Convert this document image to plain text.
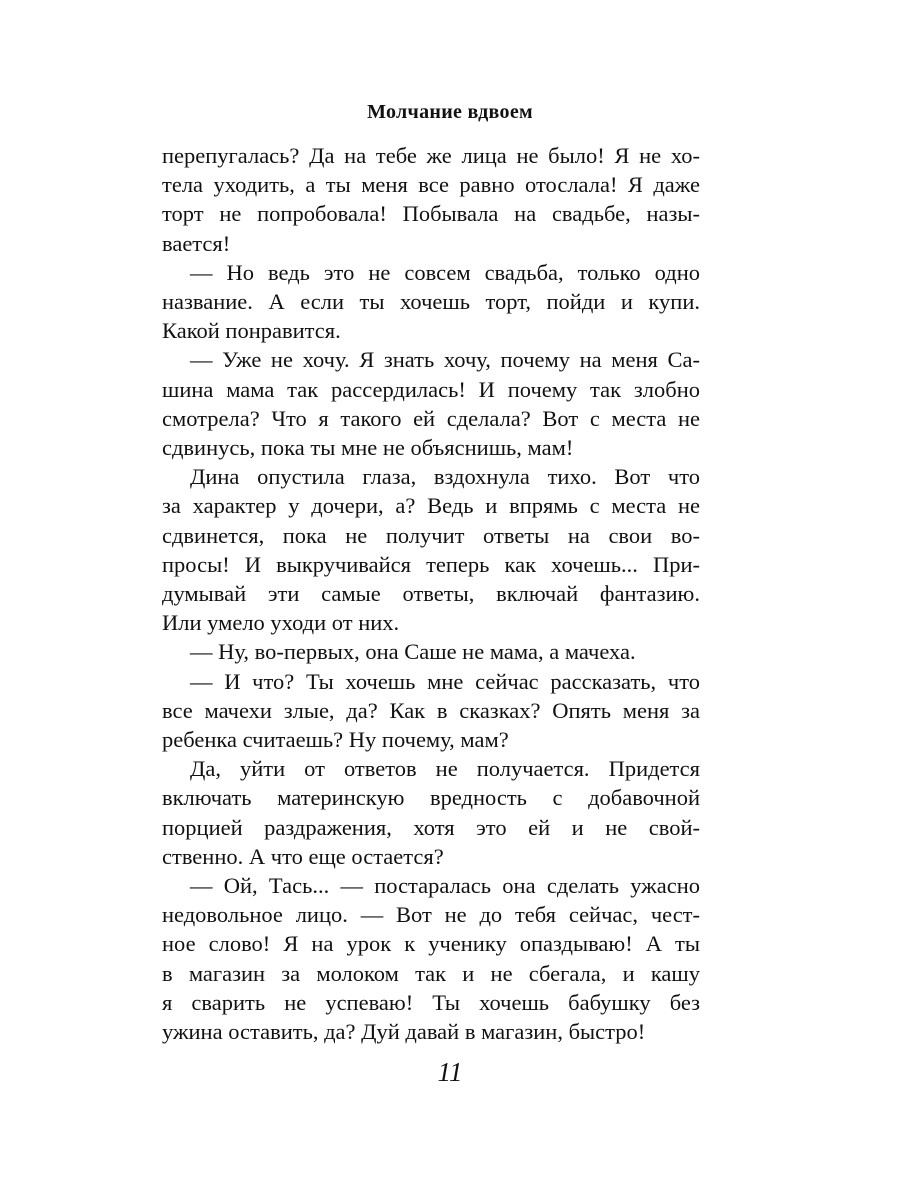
Молчание вдвоем

перепугалась? Да на тебе же лица не было! Я не хо-

тела уходить, а ты меня все равно отослала! Я даже

торт не попробовала! Побывала на свадьбе, назы-

вается!

— Но ведь это не совсем свадьба, только одно

название. А если ты хочешь торт, пойди и купи.

Какой понравится.

— Уже не хочу. Я знать хочу, почему на меня Са-

шина мама так рассердилась! И почему так злобно

смотрела? Что я такого ей сделала? Вот с места не

сдвинусь, пока ты мне не объяснишь, мам!

Дина опустила глаза, вздохнула тихо. Вот что

за характер у дочери, а? Ведь и впрямь с места не

сдвинется, пока не получит ответы на свои во-

просы! И выкручивайся теперь как хочешь... При-

думывай эти самые ответы, включай фантазию.

Или умело уходи от них.

— Ну, во-первых, она Саше не мама, а мачеха.

— И что? Ты хочешь мне сейчас рассказать, что

все мачехи злые, да? Как в сказках? Опять меня за

ребенка считаешь? Ну почему, мам?

Да, уйти от ответов не получается. Придется

включать материнскую вредность с добавочной

порцией раздражения, хотя это ей и не свой-

ственно. А что еще остается?

— Ой, Тась... — постаралась она сделать ужасно

недовольное лицо. — Вот не до тебя сейчас, чест-

ное слово! Я на урок к ученику опаздываю! А ты

в магазин за молоком так и не сбегала, и кашу

я сварить не успеваю! Ты хочешь бабушку без

ужина оставить, да? Дуй давай в магазин, быстро!

11
